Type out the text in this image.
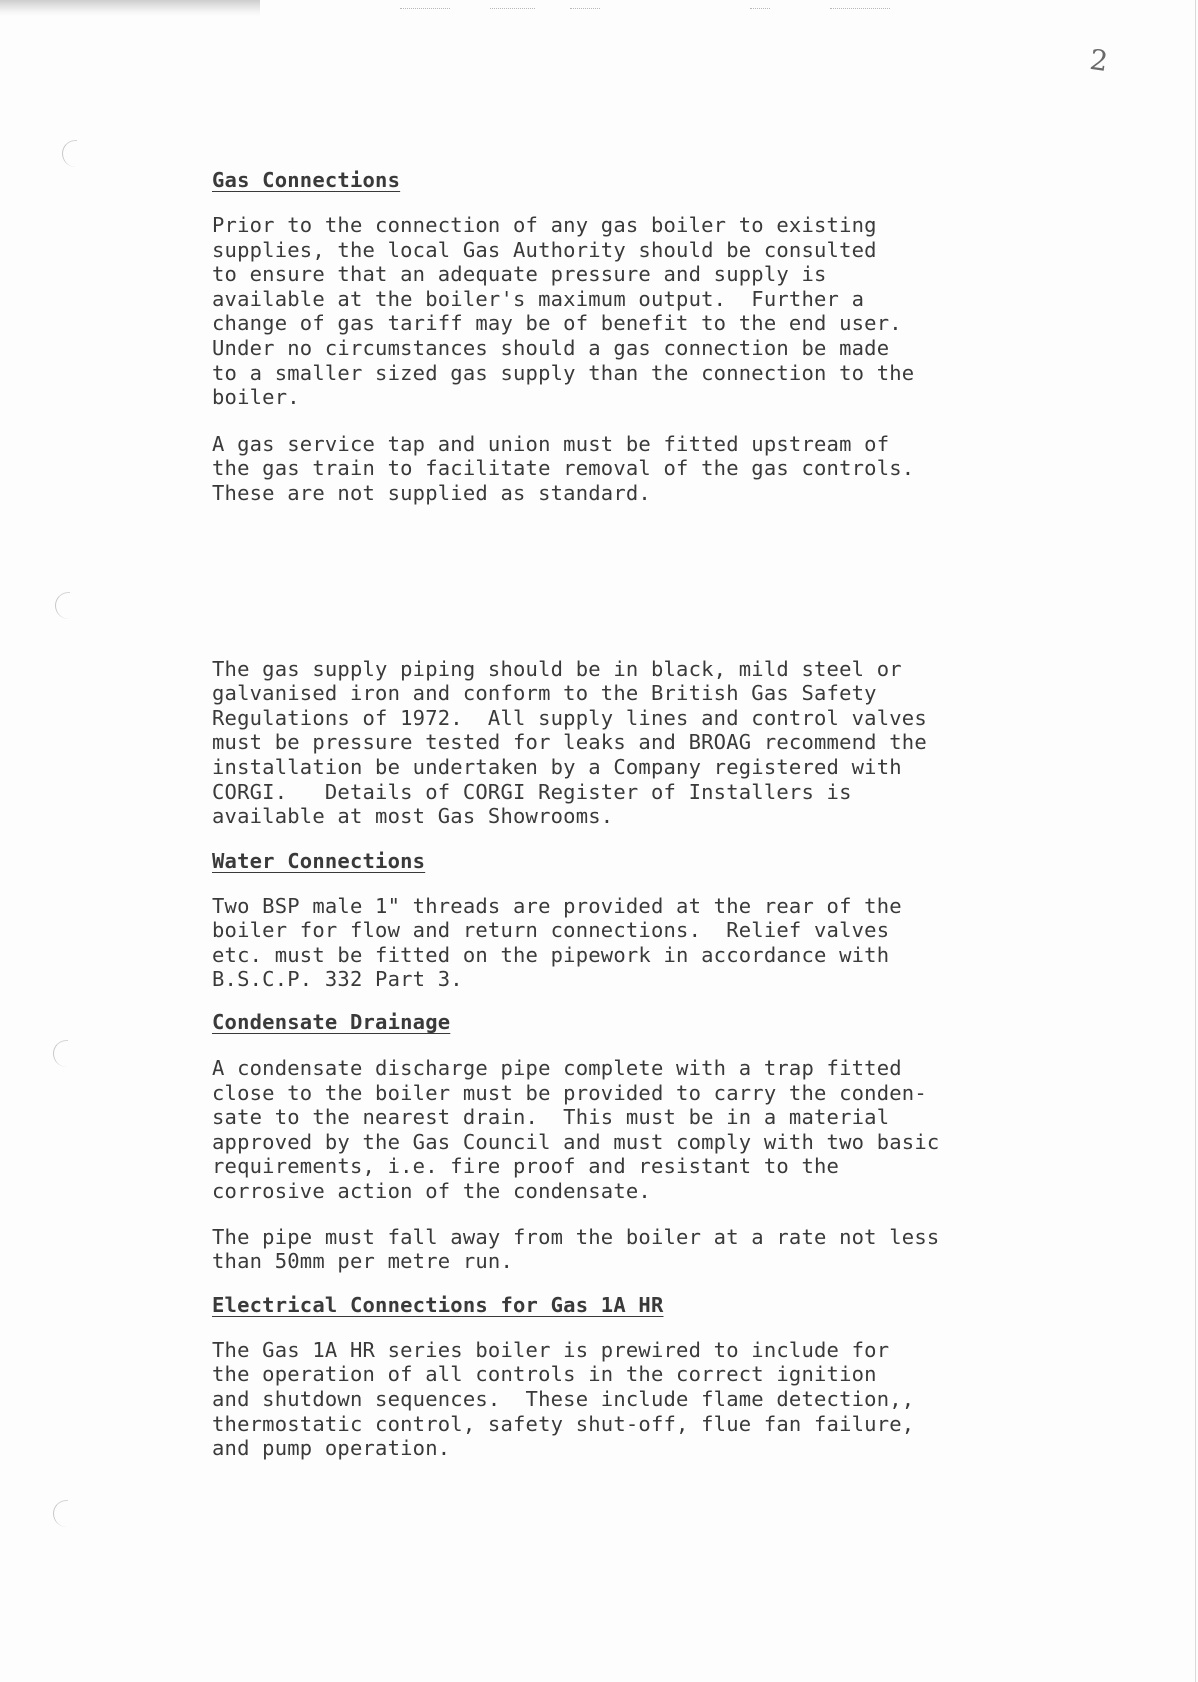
2
Gas Connections

Prior to the connection of any gas boiler to existing
supplies, the local Gas Authority should be consulted
to ensure that an adequate pressure and supply is
available at the boiler's maximum output.  Further a
change of gas tariff may be of benefit to the end user.
Under no circumstances should a gas connection be made
to a smaller sized gas supply than the connection to the
boiler.

A gas service tap and union must be fitted upstream of
the gas train to facilitate removal of the gas controls.
These are not supplied as standard.

The gas supply piping should be in black, mild steel or
galvanised iron and conform to the British Gas Safety
Regulations of 1972.  All supply lines and control valves
must be pressure tested for leaks and BROAG recommend the
installation be undertaken by a Company registered with
CORGI.   Details of CORGI Register of Installers is
available at most Gas Showrooms.

Water Connections

Two BSP male 1" threads are provided at the rear of the
boiler for flow and return connections.  Relief valves
etc. must be fitted on the pipework in accordance with
B.S.C.P. 332 Part 3.

Condensate Drainage

A condensate discharge pipe complete with a trap fitted
close to the boiler must be provided to carry the conden-
sate to the nearest drain.  This must be in a material
approved by the Gas Council and must comply with two basic
requirements, i.e. fire proof and resistant to the
corrosive action of the condensate.

The pipe must fall away from the boiler at a rate not less
than 50mm per metre run.

Electrical Connections for Gas 1A HR

The Gas 1A HR series boiler is prewired to include for
the operation of all controls in the correct ignition
and shutdown sequences.  These include flame detection,,
thermostatic control, safety shut-off, flue fan failure,
and pump operation.
